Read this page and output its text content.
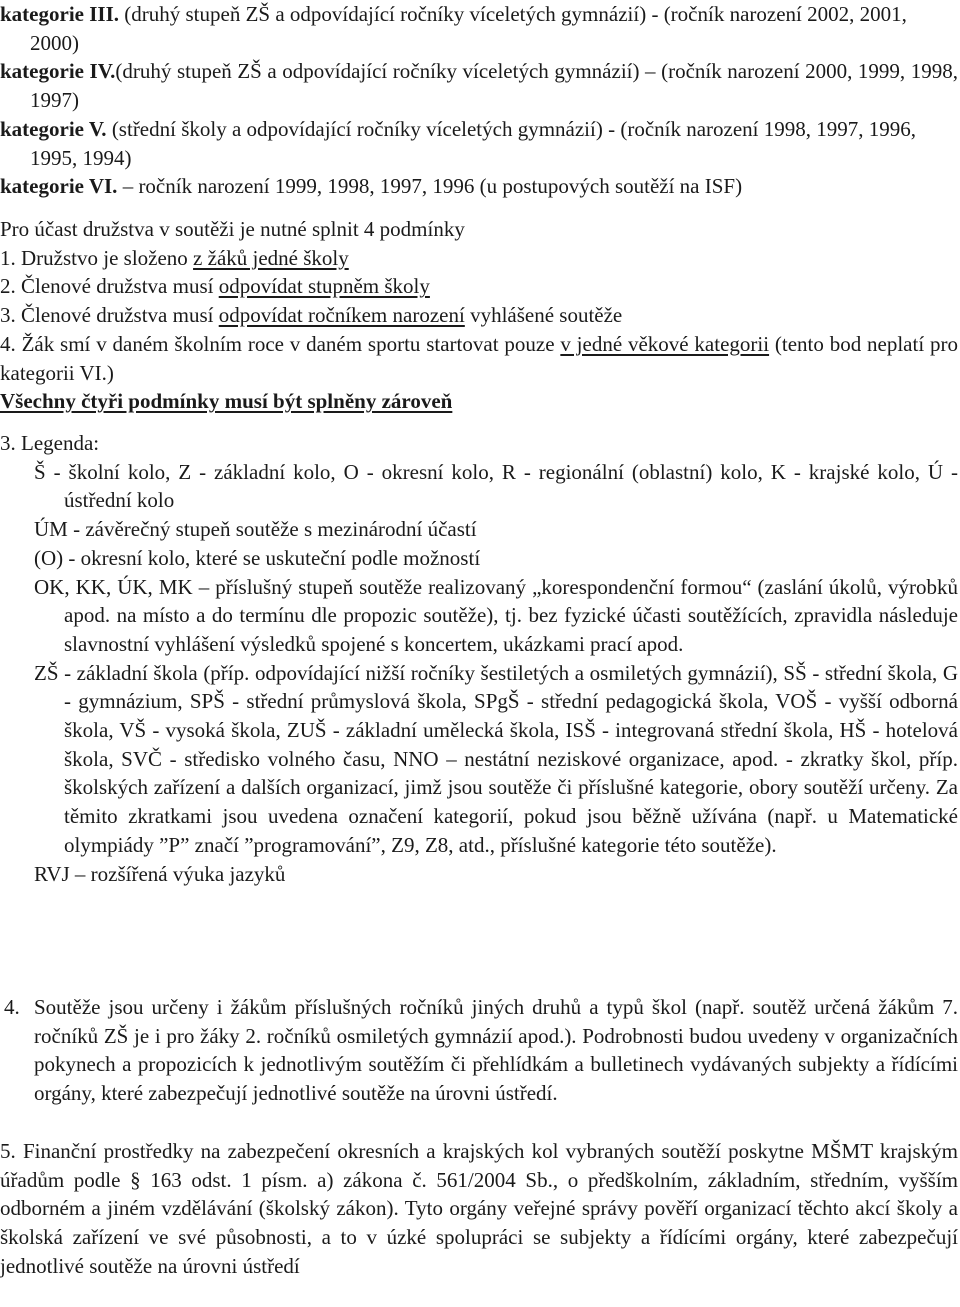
kategorie III. (druhý stupeň ZŠ a odpovídající ročníky víceletých gymnázií) - (ročník narození 2002, 2001, 2000)

kategorie IV.(druhý stupeň ZŠ a odpovídající ročníky víceletých gymnázií) – (ročník narození 2000, 1999, 1998, 1997)

kategorie V. (střední školy a odpovídající ročníky víceletých gymnázií) - (ročník narození 1998, 1997, 1996, 1995, 1994)

kategorie VI. – ročník narození 1999, 1998, 1997, 1996 (u postupových soutěží na ISF)

Pro účast družstva v soutěži je nutné splnit 4 podmínky

1. Družstvo je složeno z žáků jedné školy

2. Členové družstva musí odpovídat stupněm školy

3. Členové družstva musí odpovídat ročníkem narození vyhlášené soutěže

4. Žák smí v daném školním roce v daném sportu startovat pouze v jedné věkové kategorii (tento bod neplatí pro kategorii VI.)

Všechny čtyři podmínky musí být splněny zároveň

3. Legenda:

Š - školní kolo, Z - základní kolo, O - okresní kolo, R - regionální (oblastní) kolo, K - krajské kolo, Ú - ústřední kolo

ÚM - závěrečný stupeň soutěže s mezinárodní účastí

(O) - okresní kolo, které se uskuteční podle možností

OK, KK, ÚK, MK – příslušný stupeň soutěže realizovaný „korespondenční formou“ (zaslání úkolů, výrobků apod. na místo a do termínu dle propozic soutěže), tj. bez fyzické účasti soutěžících, zpravidla následuje slavnostní vyhlášení výsledků spojené s koncertem, ukázkami prací apod.

ZŠ - základní škola (příp. odpovídající nižší ročníky šestiletých a osmiletých gymnázií), SŠ - střední škola, G - gymnázium, SPŠ - střední průmyslová škola, SPgŠ - střední pedagogická škola, VOŠ - vyšší odborná škola, VŠ - vysoká škola, ZUŠ - základní umělecká škola, ISŠ - integrovaná střední škola, HŠ - hotelová škola, SVČ - středisko volného času, NNO – nestátní neziskové organizace, apod. - zkratky škol, příp. školských zařízení a dalších organizací, jimž jsou soutěže či příslušné kategorie, obory soutěží určeny. Za těmito zkratkami jsou uvedena označení kategorií, pokud jsou běžně užívána (např. u Matematické olympiády ”P” značí ”programování”, Z9, Z8, atd., příslušné kategorie této soutěže).

RVJ – rozšířená výuka jazyků

4. Soutěže jsou určeny i žákům příslušných ročníků jiných druhů a typů škol (např. soutěž určená žákům 7. ročníků ZŠ je i pro žáky 2. ročníků osmiletých gymnázií apod.). Podrobnosti budou uvedeny v organizačních pokynech a propozicích k jednotlivým soutěžím či přehlídkám a bulletinech vydávaných subjekty a řídícími orgány, které zabezpečují jednotlivé soutěže na úrovni ústředí.

5. Finanční prostředky na zabezpečení okresních a krajských kol vybraných soutěží poskytne MŠMT krajským úřadům podle § 163 odst. 1 písm. a) zákona č. 561/2004 Sb., o předškolním, základním, středním, vyšším odborném a jiném vzdělávání (školský zákon). Tyto orgány veřejné správy pověří organizací těchto akcí školy a školská zařízení ve své působnosti, a to v úzké spolupráci se subjekty a řídícími orgány, které zabezpečují jednotlivé soutěže na úrovni ústředí
